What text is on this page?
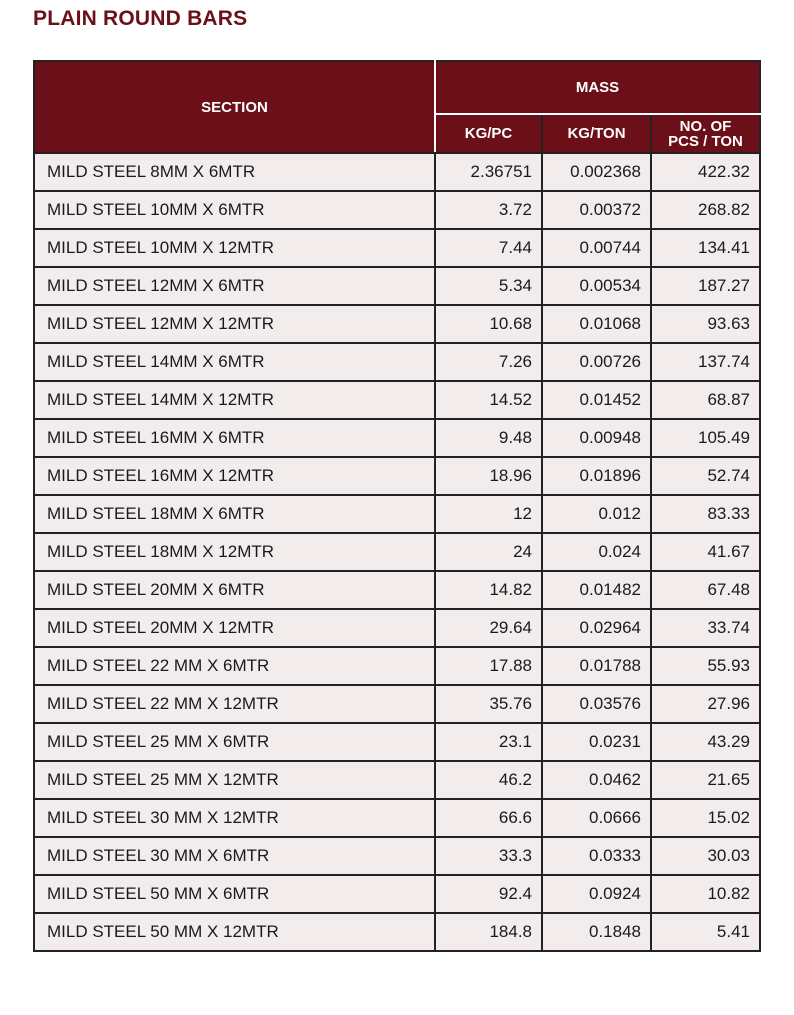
PLAIN ROUND BARS
SECTION	MASS		
	KG/PC	KG/TON	NO. OF
PCS / TON
MILD STEEL 8MM X 6MTR	2.36751	0.002368	422.32
MILD STEEL 10MM X 6MTR	3.72	0.00372	268.82
MILD STEEL 10MM X 12MTR	7.44	0.00744	134.41
MILD STEEL 12MM X 6MTR	5.34	0.00534	187.27
MILD STEEL 12MM X 12MTR	10.68	0.01068	93.63
MILD STEEL 14MM X 6MTR	7.26	0.00726	137.74
MILD STEEL 14MM X 12MTR	14.52	0.01452	68.87
MILD STEEL 16MM X 6MTR	9.48	0.00948	105.49
MILD STEEL 16MM X 12MTR	18.96	0.01896	52.74
MILD STEEL 18MM X 6MTR	12	0.012	83.33
MILD STEEL 18MM X 12MTR	24	0.024	41.67
MILD STEEL 20MM X 6MTR	14.82	0.01482	67.48
MILD STEEL 20MM X 12MTR	29.64	0.02964	33.74
MILD STEEL 22 MM X 6MTR	17.88	0.01788	55.93
MILD STEEL 22 MM X 12MTR	35.76	0.03576	27.96
MILD STEEL 25 MM X 6MTR	23.1	0.0231	43.29
MILD STEEL 25 MM X 12MTR	46.2	0.0462	21.65
MILD STEEL 30 MM X 12MTR	66.6	0.0666	15.02
MILD STEEL 30 MM X 6MTR	33.3	0.0333	30.03
MILD STEEL 50 MM X 6MTR	92.4	0.0924	10.82
MILD STEEL 50 MM X 12MTR	184.8	0.1848	5.41
